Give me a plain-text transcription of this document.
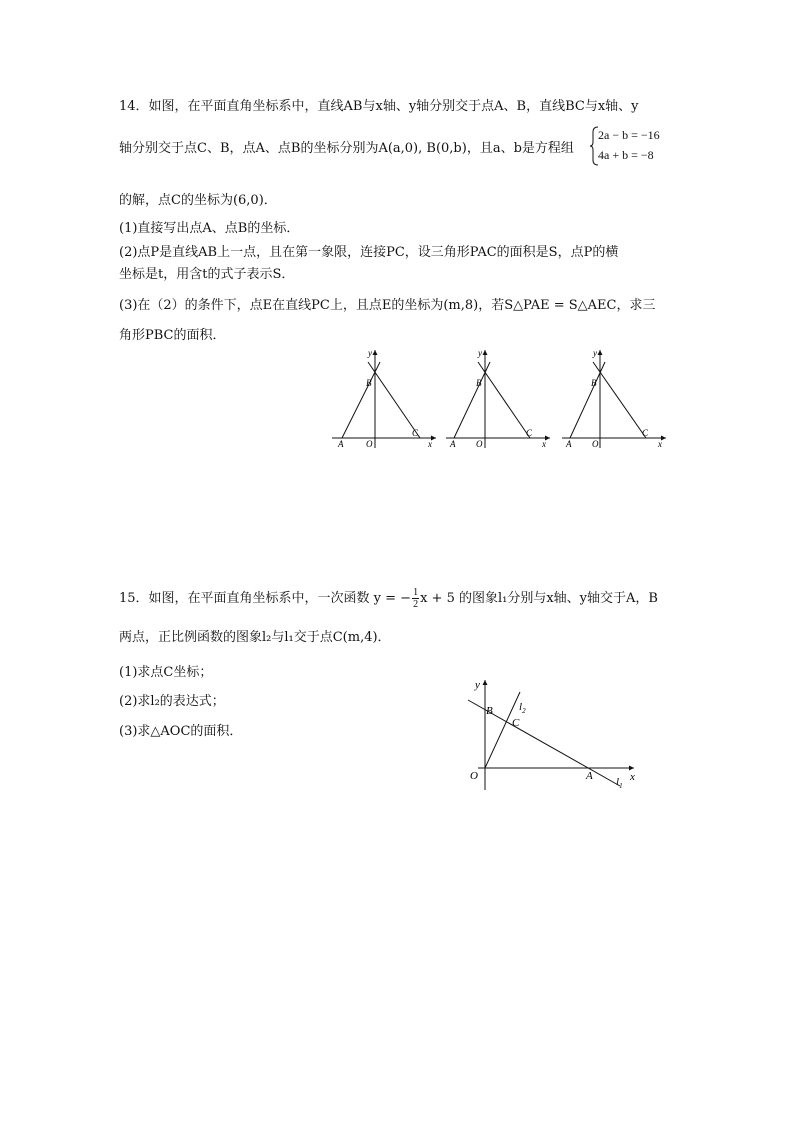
14．如图，在平面直角坐标系中，直线AB与x轴、y轴分别交于点A、B，直线BC与x轴、y
轴分别交于点C、B，点A、点B的坐标分别为A(a,0), B(0,b)，且a、b是方程组
2a − b = −16
4a + b = −8
的解，点C的坐标为(6,0)．
(1)直接写出点A、点B的坐标．
(2)点P是直线AB上一点，且在第一象限，连接PC，设三角形PAC的面积是S，点P的横
坐标是t，用含t的式子表示S．
(3)在（2）的条件下，点E在直线PC上，且点E的坐标为(m,8)，若S△PAE = S△AEC，求三
角形PBC的面积．
y
x
B
A	O
C
y
x
B
A O
C
y
x
B
A O
C
15．如图，在平面直角坐标系中，一次函数 y = − $\frac{1}{2}$ x + 5 的图象l₁分别与x轴、y轴交于A，B
两点，正比例函数的图象l₂与l₁交于点C(m,4)．
(1)求点C坐标；
(2)求l₂的表达式；
(3)求△AOC的面积．
y
x
B
C
O	A
$l_2$
$l_1$
